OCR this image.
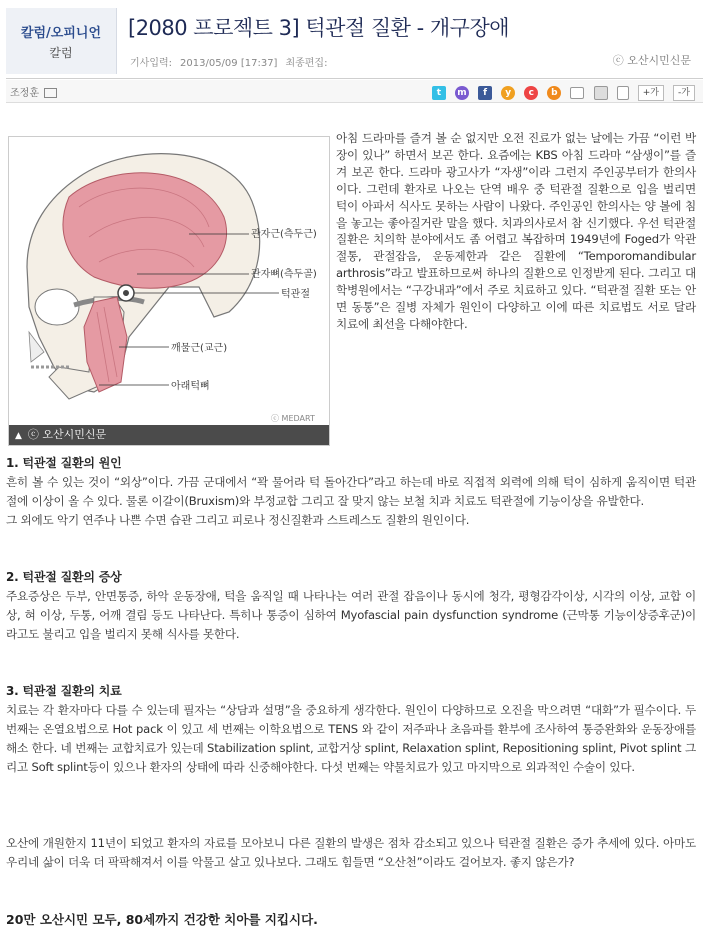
칼럼/오피니언
칼럼
[2080 프로젝트 3] 턱관절 질환 - 개구장애
기사입력: 2013/05/09 [17:37] 최종편집:	ⓒ 오산시민신문
조정훈	t m f y c b	+가 -가
관자근(측두근)
관자뼈(측두골)
턱관절
깨물근(교근)
아래턱뼈
ⓒ MEDART
▲ ⓒ 오산시민신문
아침 드라마를 즐겨 볼 순 없지만 오전 진료가 없는 날에는 가끔 “이런 박장이 있나” 하면서 보곤 한다. 요즘에는 KBS 아침 드라마 “삼생이”를 즐겨 보곤 한다. 드라마 광고사가 “자생”이라 그런지 주인공부터가 한의사이다. 그런데 환자로 나오는 단역 배우 중 턱관절 질환으로 입을 벌리면 턱이 아파서 식사도 못하는 사람이 나왔다. 주인공인 한의사는 양 볼에 침을 놓고는 좋아질거란 말을 했다. 치과의사로서 참 신기했다. 우선 턱관절 질환은 치의학 분야에서도 좀 어렵고 복잡하며 1949년에 Foged가 악관절통, 관절잡음, 운동제한과 같은 질환에 “Temporomandibular arthrosis”라고 발표하므로써 하나의 질환으로 인정받게 된다. 그리고 대학병원에서는 “구강내과”에서 주로 치료하고 있다. “턱관절 질환 또는 안면 동통”은 질병 자체가 원인이 다양하고 이에 따른 치료법도 서로 달라 치료에 최선을 다해야한다.
1. 턱관절 질환의 원인

흔히 볼 수 있는 것이 “외상”이다. 가끔 군대에서 “꽉 물어라 턱 돌아간다”라고 하는데 바로 직접적 외력에 의해 턱이 심하게 움직이면 턱관절에 이상이 올 수 있다. 물론 이갈이(Bruxism)와 부정교합 그리고 잘 맞지 않는 보철 치과 치료도 턱관절에 기능이상을 유발한다.

그 외에도 악기 연주나 나쁜 수면 습관 그리고 피로나 정신질환과 스트레스도 질환의 원인이다.

2. 턱관절 질환의 증상

주요증상은 두부, 안면통증, 하악 운동장애, 턱을 움직일 때 나타나는 여러 관절 잡음이나 동시에 청각, 평형감각이상, 시각의 이상, 교합 이상, 혀 이상, 두통, 어깨 결림 등도 나타난다. 특히나 통증이 심하여 Myofascial pain dysfunction syndrome (근막통 기능이상증후군)이라고도 불리고 입을 벌리지 못해 식사를 못한다.

3. 턱관절 질환의 치료

치료는 각 환자마다 다를 수 있는데 필자는 “상담과 설명”을 중요하게 생각한다. 원인이 다양하므로 오진을 막으려면 “대화”가 필수이다. 두 번째는 온열요법으로 Hot pack 이 있고 세 번째는 이학요법으로 TENS 와 같이 저주파나 초음파를 환부에 조사하여 통증완화와 운동장애를 해소 한다. 네 번째는 교합치료가 있는데 Stabilization splint, 교합거상 splint, Relaxation splint, Repositioning splint, Pivot splint 그리고 Soft splint등이 있으나 환자의 상태에 따라 신중해야한다. 다섯 번째는 약물치료가 있고 마지막으로 외과적인 수술이 있다.

오산에 개원한지 11년이 되었고 환자의 자료를 모아보니 다른 질환의 발생은 점차 감소되고 있으나 턱관절 질환은 증가 추세에 있다. 아마도 우리네 삶이 더욱 더 팍팍해져서 이를 악물고 살고 있나보다. 그래도 힘들면 “오산천”이라도 걸어보자. 좋지 않은가?

20만 오산시민 모두, 80세까지 건강한 치아를 지킵시다.
